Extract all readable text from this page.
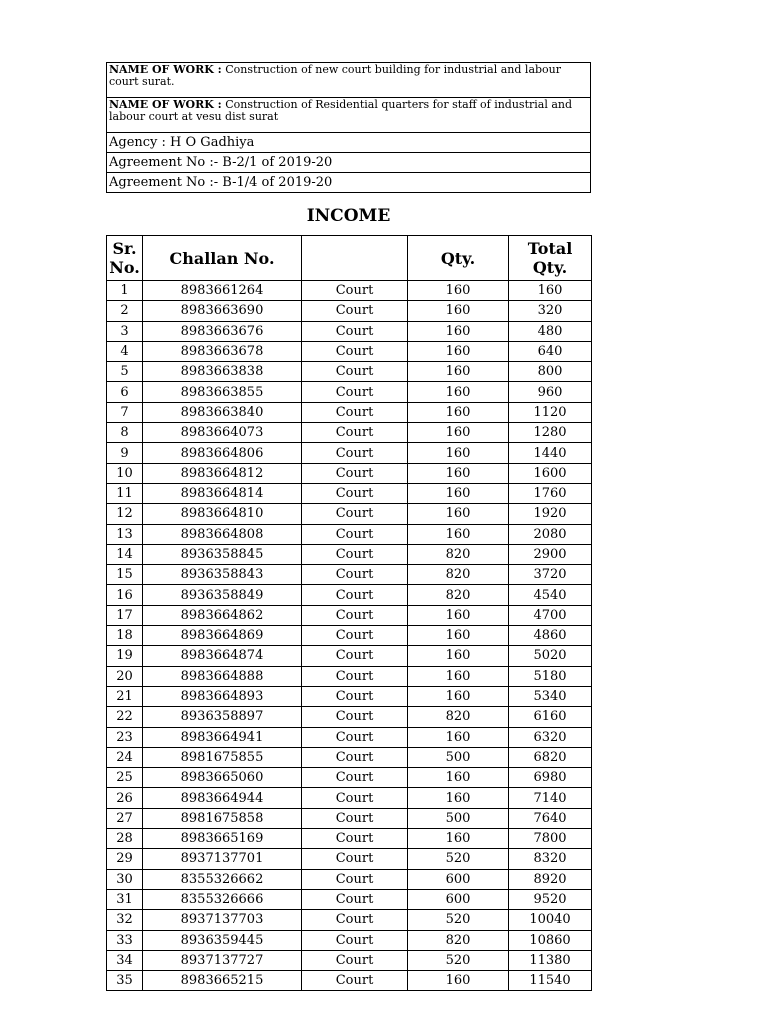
NAME OF WORK : Construction of new court building for industrial and labour court surat.
NAME OF WORK : Construction of Residential quarters for staff of industrial and labour court at vesu dist surat
Agency : H O Gadhiya
Agreement No :- B-2/1 of 2019-20
Agreement No :- B-1/4 of 2019-20
INCOME
Sr. No.	Challan No.		Qty.	Total Qty.
1	8983661264	Court	160	160
2	8983663690	Court	160	320
3	8983663676	Court	160	480
4	8983663678	Court	160	640
5	8983663838	Court	160	800
6	8983663855	Court	160	960
7	8983663840	Court	160	1120
8	8983664073	Court	160	1280
9	8983664806	Court	160	1440
10	8983664812	Court	160	1600
11	8983664814	Court	160	1760
12	8983664810	Court	160	1920
13	8983664808	Court	160	2080
14	8936358845	Court	820	2900
15	8936358843	Court	820	3720
16	8936358849	Court	820	4540
17	8983664862	Court	160	4700
18	8983664869	Court	160	4860
19	8983664874	Court	160	5020
20	8983664888	Court	160	5180
21	8983664893	Court	160	5340
22	8936358897	Court	820	6160
23	8983664941	Court	160	6320
24	8981675855	Court	500	6820
25	8983665060	Court	160	6980
26	8983664944	Court	160	7140
27	8981675858	Court	500	7640
28	8983665169	Court	160	7800
29	8937137701	Court	520	8320
30	8355326662	Court	600	8920
31	8355326666	Court	600	9520
32	8937137703	Court	520	10040
33	8936359445	Court	820	10860
34	8937137727	Court	520	11380
35	8983665215	Court	160	11540
